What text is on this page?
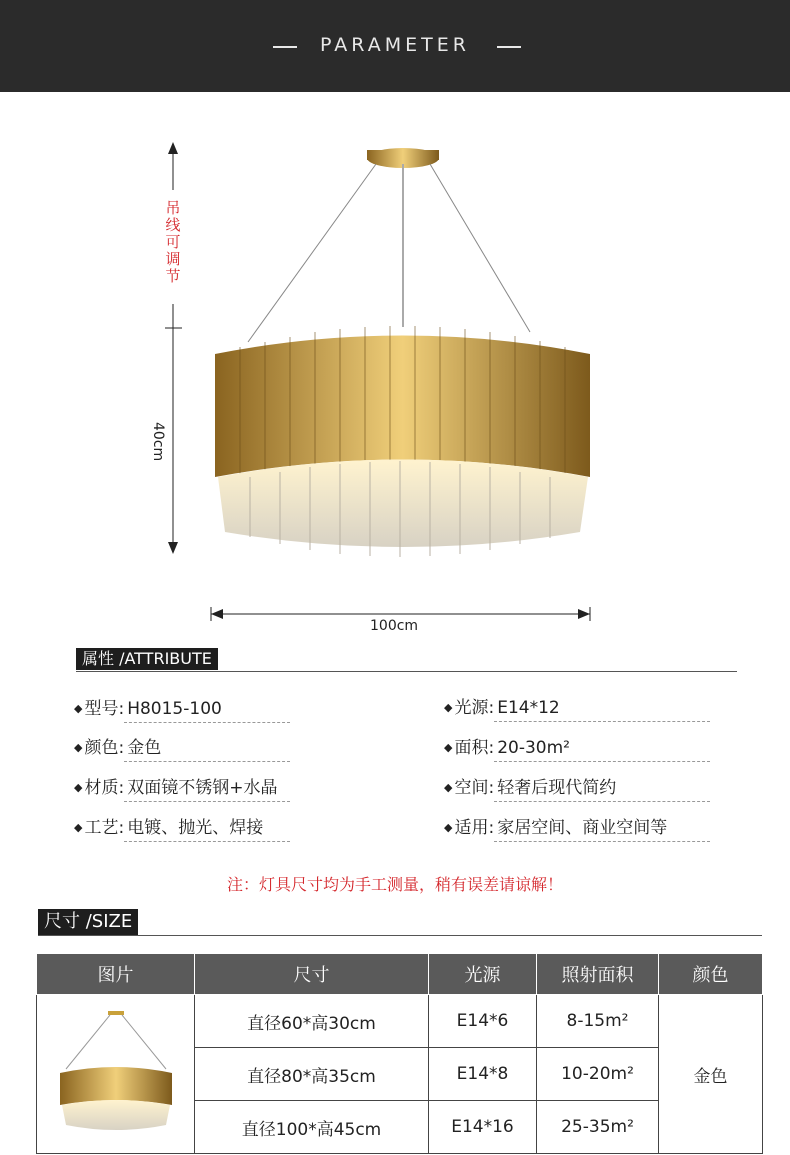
PARAMETER
吊线可调节
40cm
100cm
属性 /ATTRIBUTE
◆ 型号: H8015-100
◆ 颜色: 金色
◆ 材质: 双面镜不锈钢+水晶
◆ 工艺: 电镀、抛光、焊接
◆ 光源: E14*12
◆ 面积: 20-30m²
◆ 空间: 轻奢后现代简约
◆ 适用: 家居空间、商业空间等
注：灯具尺寸均为手工测量，稍有误差请谅解！
尺寸 /SIZE
图片	尺寸	光源	照射面积	颜色
	直径60*高30cm	E14*6	8-15m²	金色
	直径80*高35cm	E14*8	10-20m²	
	直径100*高45cm	E14*16	25-35m²	
